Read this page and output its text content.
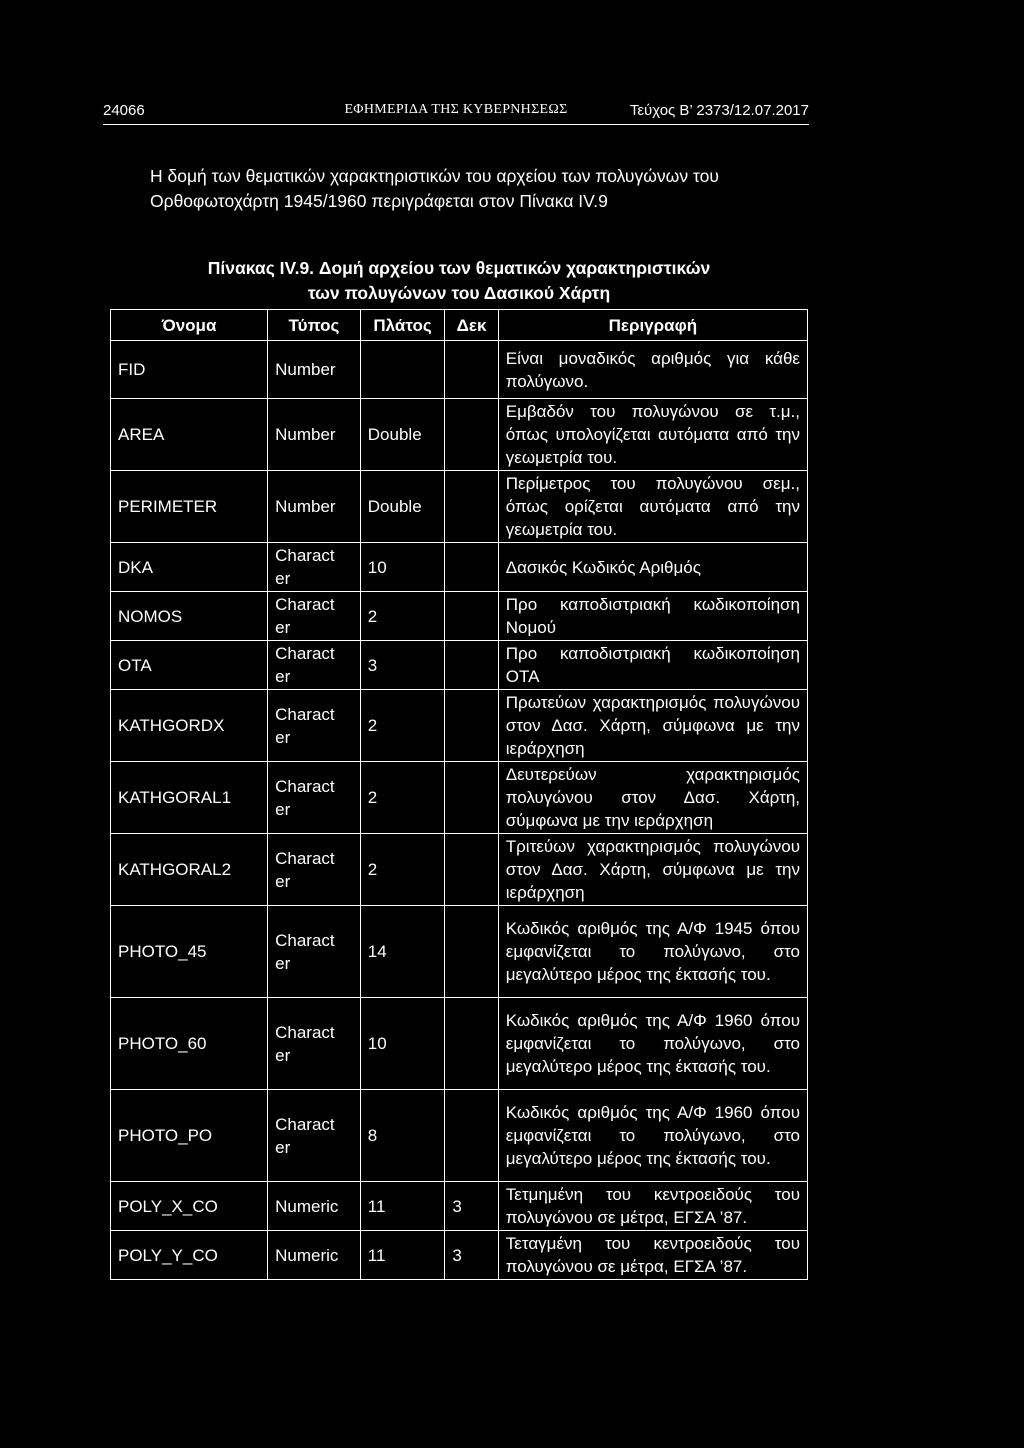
24066	ΕΦΗΜΕΡΙΔΑ ΤΗΣ ΚΥΒΕΡΝΗΣΕΩΣ	Τεύχος Β’ 2373/12.07.2017
Η δομή των θεματικών χαρακτηριστικών του αρχείου των πολυγώνων του
Ορθοφωτοχάρτη 1945/1960 περιγράφεται στον Πίνακα IV.9
Πίνακας IV.9. Δομή αρχείου των θεματικών χαρακτηριστικών
των πολυγώνων του Δασικού Χάρτη
Όνομα	Τύπος	Πλάτος	Δεκ	Περιγραφή
FID	Number			Είναι μοναδικός αριθμός για κάθε πολύγωνο.
AREA	Number	Double		Εμβαδόν του πολυγώνου σε τ.μ., όπως υπολογίζεται αυτόματα από την γεωμετρία του.
PERIMETER	Number	Double		Περίμετρος του πολυγώνου σεμ., όπως ορίζεται αυτόματα από την γεωμετρία του.
DKA	Charact er	10		Δασικός Κωδικός Αριθμός
NOMOS	Charact er	2		Προ καποδιστριακή κωδικοποίηση Νομού
OTA	Charact er	3		Προ καποδιστριακή κωδικοποίηση ΟΤΑ
KATHGORDX	Charact er	2		Πρωτεύων χαρακτηρισμός πολυγώνου στον Δασ. Χάρτη, σύμφωνα με την ιεράρχηση
KATHGORAL1	Charact er	2		Δευτερεύων χαρακτηρισμός πολυγώνου στον Δασ. Χάρτη, σύμφωνα με την ιεράρχηση
KATHGORAL2	Charact er	2		Τριτεύων χαρακτηρισμός πολυγώνου στον Δασ. Χάρτη, σύμφωνα με την ιεράρχηση
PHOTO_45	Charact er	14		Κωδικός αριθμός της Α/Φ 1945 όπου εμφανίζεται το πολύγωνο, στο μεγαλύτερο μέρος της έκτασής του.
PHOTO_60	Charact er	10		Κωδικός αριθμός της Α/Φ 1960 όπου εμφανίζεται το πολύγωνο, στο μεγαλύτερο μέρος της έκτασής του.
PHOTO_PO	Charact er	8		Κωδικός αριθμός της Α/Φ 1960 όπου εμφανίζεται το πολύγωνο, στο μεγαλύτερο μέρος της έκτασής του.
POLY_X_CO	Numeric	11	3	Τετμημένη του κεντροειδούς του πολυγώνου σε μέτρα, ΕΓΣΑ ’87.
POLY_Y_CO	Numeric	11	3	Τεταγμένη του κεντροειδούς του πολυγώνου σε μέτρα, ΕΓΣΑ ’87.
